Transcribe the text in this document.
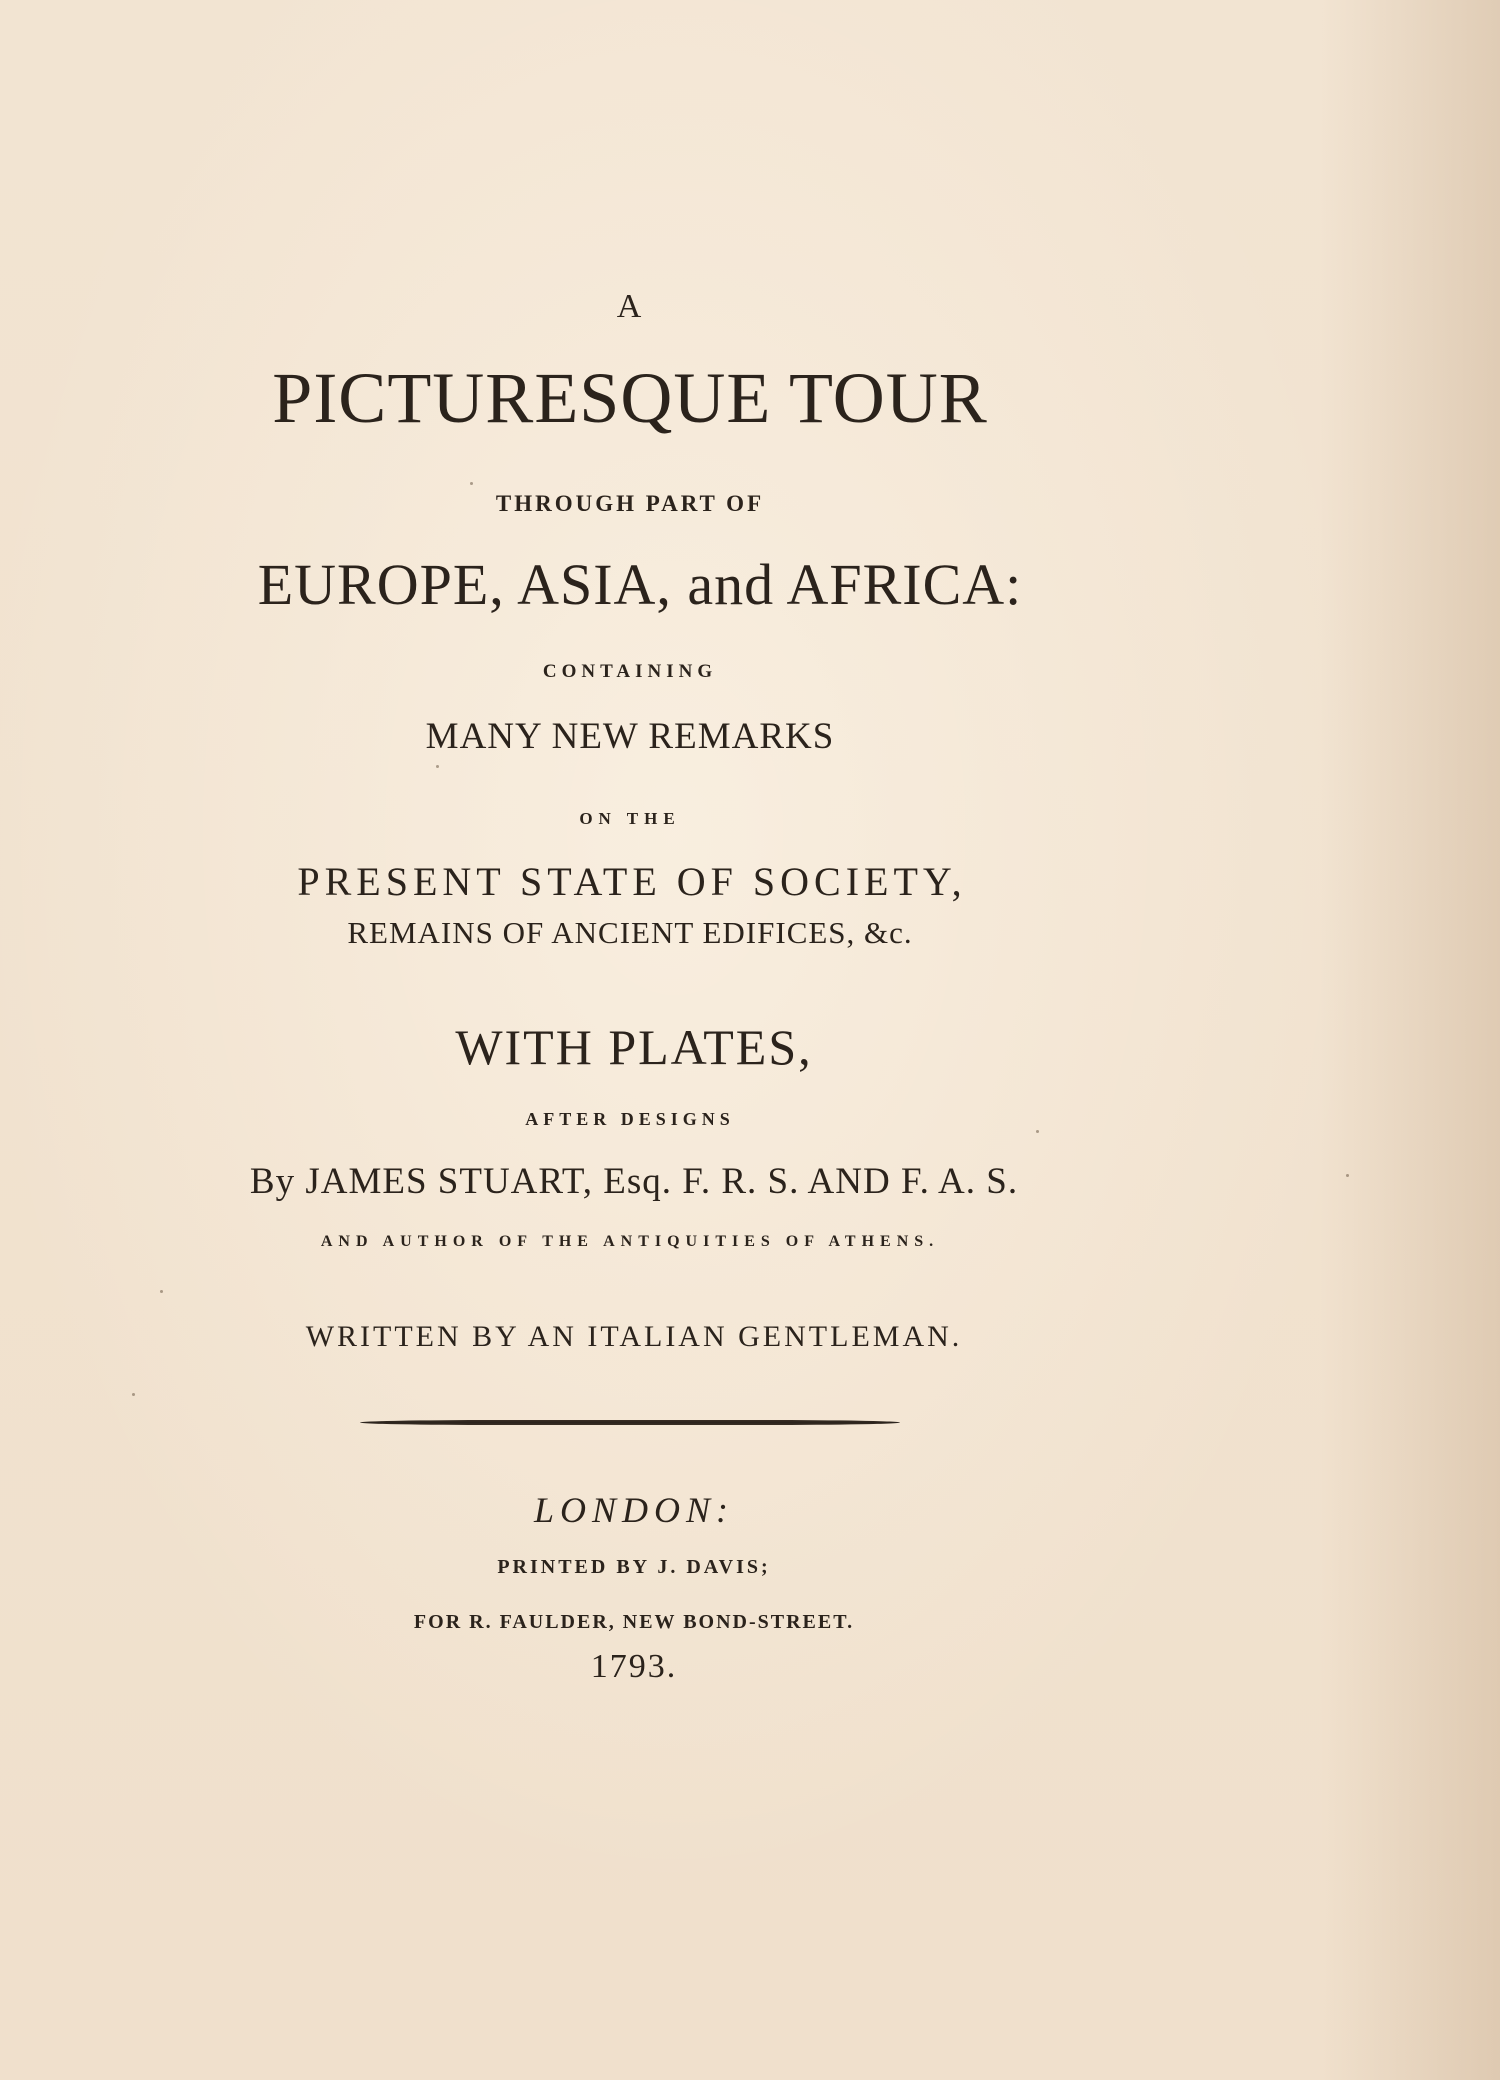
A
PICTURESQUE TOUR
THROUGH PART OF
EUROPE, ASIA, and AFRICA:
CONTAINING
MANY NEW REMARKS
ON THE
PRESENT STATE OF SOCIETY,
REMAINS OF ANCIENT EDIFICES, &c.
WITH PLATES,
AFTER DESIGNS
By JAMES STUART, Esq. F. R. S. AND F. A. S.
AND AUTHOR OF THE ANTIQUITIES OF ATHENS.
WRITTEN BY AN ITALIAN GENTLEMAN.
LONDON:
PRINTED BY J. DAVIS;
FOR R. FAULDER, NEW BOND-STREET.
1793.
